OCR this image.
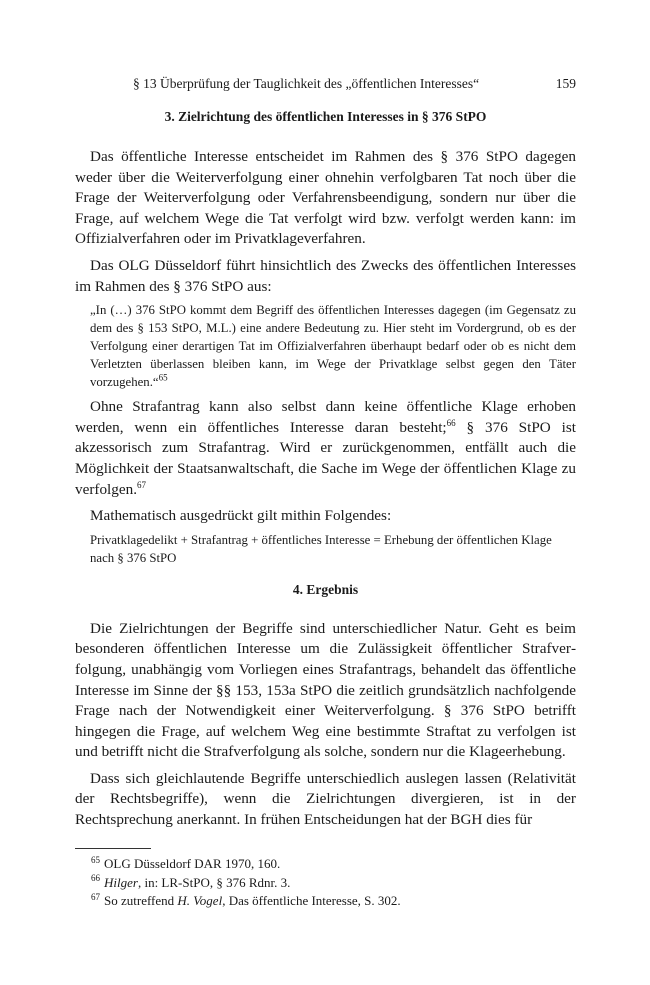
§ 13 Überprüfung der Tauglichkeit des „öffentlichen Interesses“	159
3. Zielrichtung des öffentlichen Interesses in § 376 StPO

Das öffentliche Interesse entscheidet im Rahmen des § 376 StPO dagegen weder über die Weiterverfolgung einer ohnehin verfolgbaren Tat noch über die Frage der Weiterverfolgung oder Verfahrensbeendigung, sondern nur über die Frage, auf welchem Wege die Tat verfolgt wird bzw. verfolgt werden kann: im Offizialverfahren oder im Privatklageverfahren.

Das OLG Düsseldorf führt hinsichtlich des Zwecks des öffentlichen Interesses im Rahmen des § 376 StPO aus:

„In (…) 376 StPO kommt dem Begriff des öffentlichen Interesses dagegen (im Gegensatz zu dem des § 153 StPO, M.L.) eine andere Bedeutung zu. Hier steht im Vordergrund, ob es der Verfolgung einer derartigen Tat im Offizialverfahren überhaupt bedarf oder ob es nicht dem Verletzten überlassen bleiben kann, im Wege der Privatklage selbst gegen den Täter vorzugehen.“$^{65}$

Ohne Strafantrag kann also selbst dann keine öffentliche Klage erhoben werden, wenn ein öffentliches Interesse daran besteht;$^{66}$ § 376 StPO ist akzessorisch zum Strafantrag. Wird er zurückgenommen, entfällt auch die Möglichkeit der Staatsanwaltschaft, die Sache im Wege der öffentlichen Klage zu verfolgen.$^{67}$

Mathematisch ausgedrückt gilt mithin Folgendes:

Privatklagedelikt + Strafantrag + öffentliches Interesse = Erhebung der öffentlichen Klage nach § 376 StPO
4. Ergebnis

Die Zielrichtungen der Begriffe sind unterschiedlicher Natur. Geht es beim besonderen öffentlichen Interesse um die Zulässigkeit öffentlicher Strafverfolgung, unabhängig vom Vorliegen eines Strafantrags, behandelt das öffentliche Interesse im Sinne der §§ 153, 153a StPO die zeitlich grundsätzlich nachfolgende Frage nach der Notwendigkeit einer Weiterverfolgung. § 376 StPO betrifft hingegen die Frage, auf welchem Weg eine bestimmte Straftat zu verfolgen ist und betrifft nicht die Strafverfolgung als solche, sondern nur die Klageerhebung.

Dass sich gleichlautende Begriffe unterschiedlich auslegen lassen (Relativität der Rechtsbegriffe), wenn die Zielrichtungen divergieren, ist in der Rechtsprechung anerkannt. In frühen Entscheidungen hat der BGH dies für

$^{65}$ OLG Düsseldorf DAR 1970, 160.
$^{66}$ Hilger, in: LR-StPO, § 376 Rdnr. 3.
$^{67}$ So zutreffend H. Vogel, Das öffentliche Interesse, S. 302.
